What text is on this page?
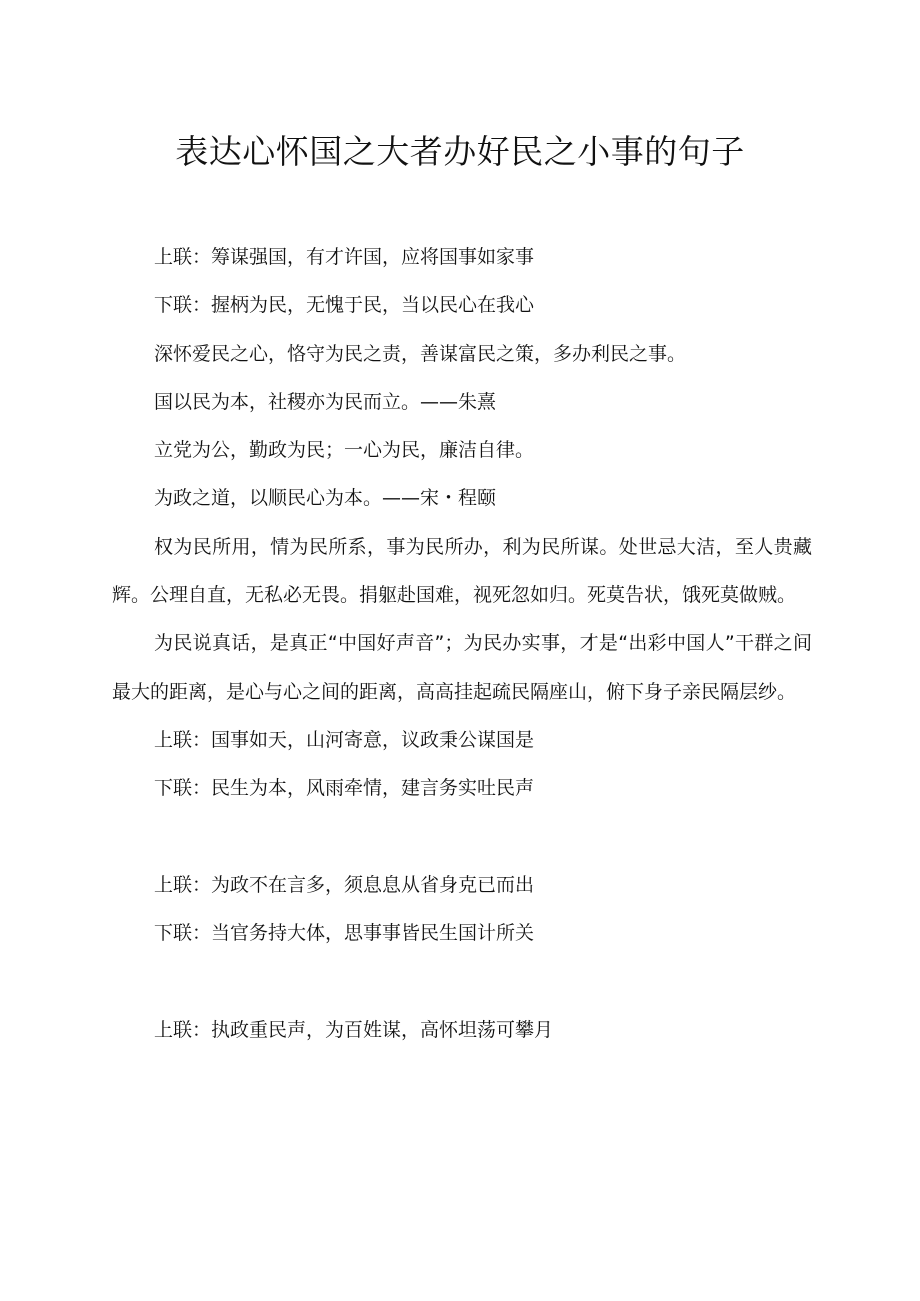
表达心怀国之大者办好民之小事的句子

上联：筹谋强国，有才许国，应将国事如家事

下联：握柄为民，无愧于民，当以民心在我心

深怀爱民之心，恪守为民之责，善谋富民之策，多办利民之事。

国以民为本，社稷亦为民而立。——朱熹

立党为公，勤政为民；一心为民，廉洁自律。

为政之道，以顺民心为本。——宋・程颐

权为民所用，情为民所系，事为民所办，利为民所谋。处世忌大洁，至人贵藏辉。公理自直，无私必无畏。捐躯赴国难，视死忽如归。死莫告状，饿死莫做贼。

为民说真话，是真正“中国好声音”；为民办实事，才是“出彩中国人”干群之间最大的距离，是心与心之间的距离，高高挂起疏民隔座山，俯下身子亲民隔层纱。

上联：国事如天，山河寄意，议政秉公谋国是

下联：民生为本，风雨牵情，建言务实吐民声

上联：为政不在言多，须息息从省身克已而出

下联：当官务持大体，思事事皆民生国计所关

上联：执政重民声，为百姓谋，高怀坦荡可攀月
